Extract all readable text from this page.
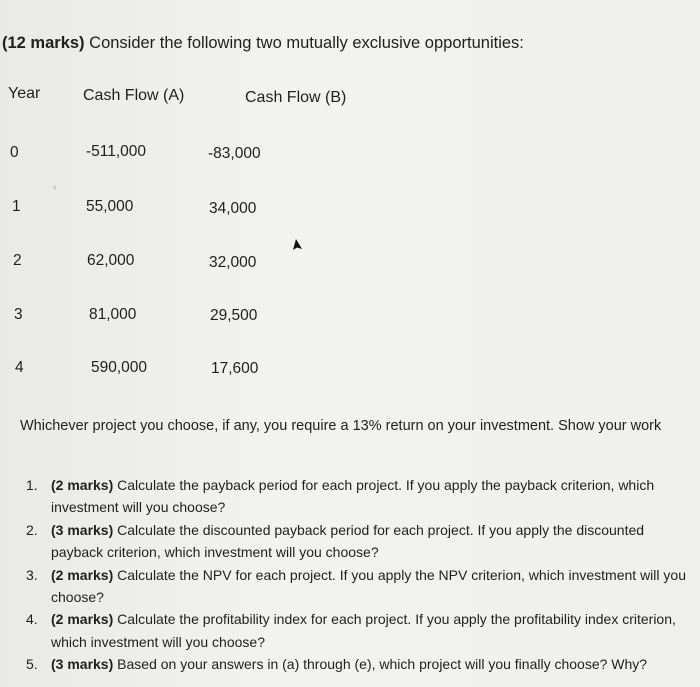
(12 marks) Consider the following two mutually exclusive opportunities:
Year	Cash Flow (A)	Cash Flow (B)
0	-511,000	-83,000
1	55,000	34,000
2	62,000	32,000
3	81,000	29,500
4	590,000	17,600
‹
Whichever project you choose, if any, you require a 13% return on your investment. Show your work
1. (2 marks) Calculate the payback period for each project. If you apply the payback criterion, which investment will you choose?
2. (3 marks) Calculate the discounted payback period for each project. If you apply the discounted payback criterion, which investment will you choose?
3. (2 marks) Calculate the NPV for each project. If you apply the NPV criterion, which investment will you choose?
4. (2 marks) Calculate the profitability index for each project. If you apply the profitability index criterion, which investment will you choose?
5. (3 marks) Based on your answers in (a) through (e), which project will you finally choose? Why?
